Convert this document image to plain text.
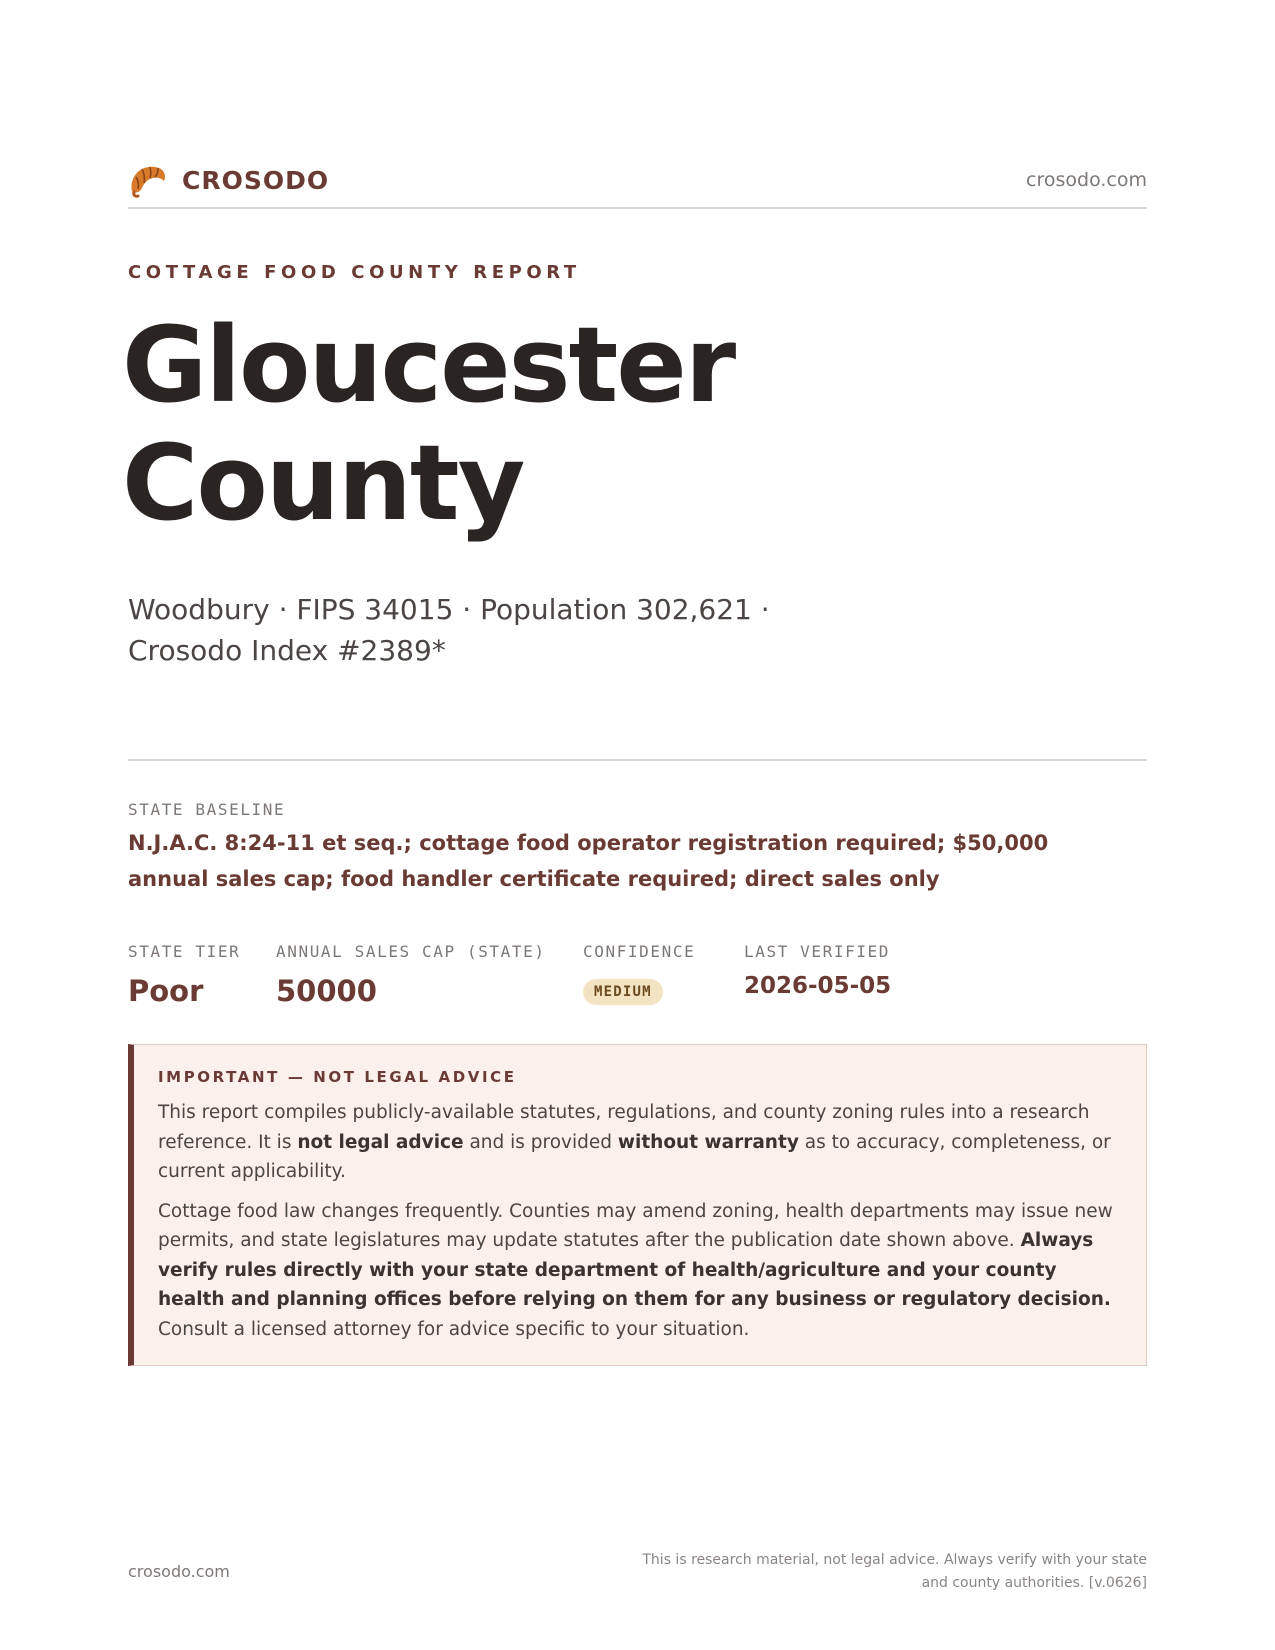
CROSODO	crosodo.com
COTTAGE FOOD COUNTY REPORT
Gloucester
County
Woodbury · FIPS 34015 · Population 302,621 · Crosodo Index #2389*
STATE BASELINE
N.J.A.C. 8:24-11 et seq.; cottage food operator registration required; $50,000 annual sales cap; food handler certificate required; direct sales only
STATE TIER
Poor
ANNUAL SALES CAP (STATE)
50000
CONFIDENCE
MEDIUM
LAST VERIFIED
2026-05-05
IMPORTANT — NOT LEGAL ADVICE

This report compiles publicly-available statutes, regulations, and county zoning rules into a research reference. It is not legal advice and is provided without warranty as to accuracy, completeness, or current applicability.

Cottage food law changes frequently. Counties may amend zoning, health departments may issue new permits, and state legislatures may update statutes after the publication date shown above. Always verify rules directly with your state department of health/agriculture and your county health and planning offices before relying on them for any business or regulatory decision. Consult a licensed attorney for advice specific to your situation.

crosodo.com
This is research material, not legal advice. Always verify with your state and county authorities. [v.0626]
